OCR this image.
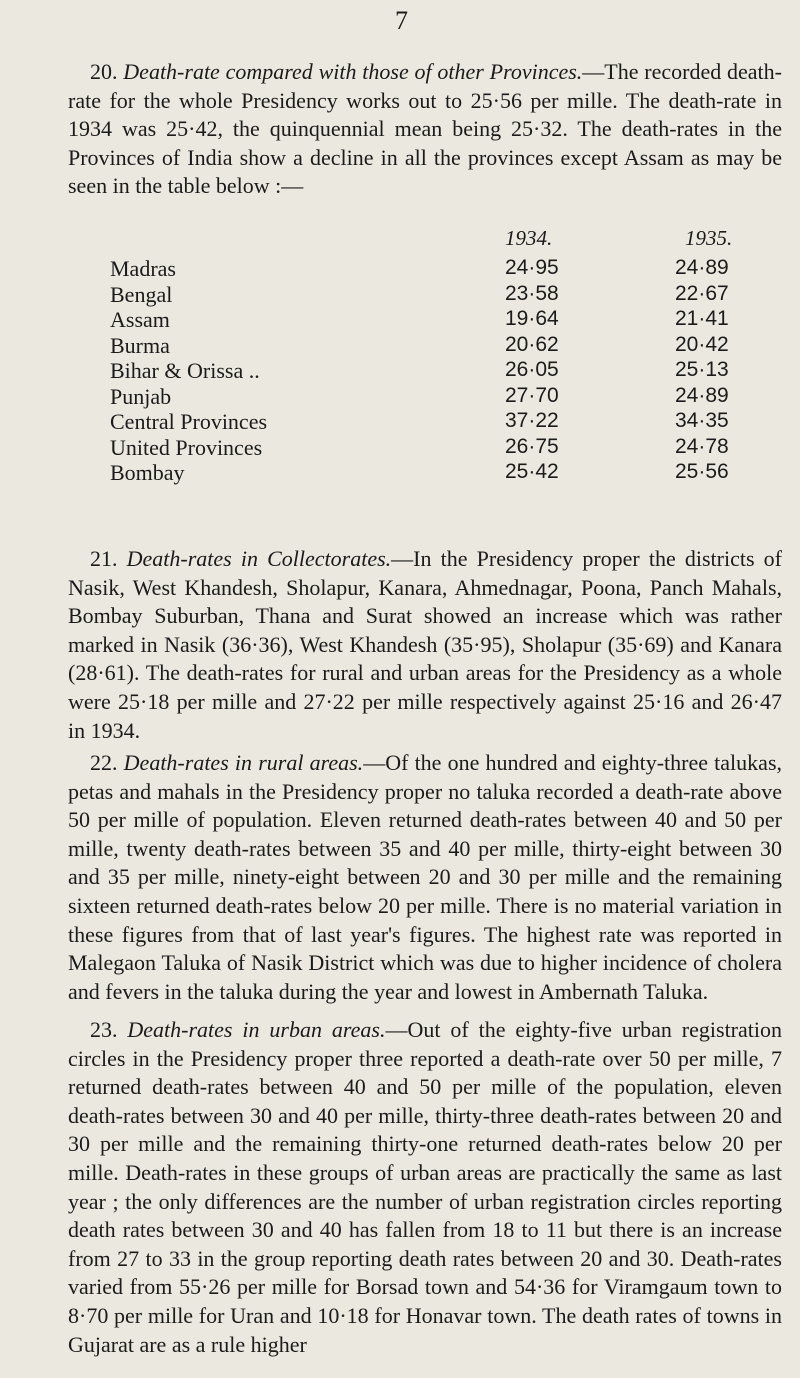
7

20. Death-rate compared with those of other Provinces.—The recorded death-rate for the whole Presidency works out to 25·56 per mille. The death-rate in 1934 was 25·42, the quinquennial mean being 25·32. The death-rates in the Provinces of India show a decline in all the provinces except Assam as may be seen in the table below :—

1934.	1935.
Madras	24·95	24·89
Bengal	23·58	22·67
Assam	19·64	21·41
Burma	20·62	20·42
Bihar & Orissa ..	26·05	25·13
Punjab	27·70	24·89
Central Provinces	37·22	34·35
United Provinces	26·75	24·78
Bombay	25·42	25·56

21. Death-rates in Collectorates.—In the Presidency proper the districts of Nasik, West Khandesh, Sholapur, Kanara, Ahmednagar, Poona, Panch Mahals, Bombay Suburban, Thana and Surat showed an increase which was rather marked in Nasik (36·36), West Khandesh (35·95), Sholapur (35·69) and Kanara (28·61). The death-rates for rural and urban areas for the Presidency as a whole were 25·18 per mille and 27·22 per mille respectively against 25·16 and 26·47 in 1934.

22. Death-rates in rural areas.—Of the one hundred and eighty-three talukas, petas and mahals in the Presidency proper no taluka recorded a death-rate above 50 per mille of population. Eleven returned death-rates between 40 and 50 per mille, twenty death-rates between 35 and 40 per mille, thirty-eight between 30 and 35 per mille, ninety-eight between 20 and 30 per mille and the remaining sixteen returned death-rates below 20 per mille. There is no material variation in these figures from that of last year's figures. The highest rate was reported in Malegaon Taluka of Nasik District which was due to higher incidence of cholera and fevers in the taluka during the year and lowest in Ambernath Taluka.

23. Death-rates in urban areas.—Out of the eighty-five urban registration circles in the Presidency proper three reported a death-rate over 50 per mille, 7 returned death-rates between 40 and 50 per mille of the population, eleven death-rates between 30 and 40 per mille, thirty-three death-rates between 20 and 30 per mille and the remaining thirty-one returned death-rates below 20 per mille. Death-rates in these groups of urban areas are practically the same as last year ; the only differences are the number of urban registration circles reporting death rates between 30 and 40 has fallen from 18 to 11 but there is an increase from 27 to 33 in the group reporting death rates between 20 and 30. Death-rates varied from 55·26 per mille for Borsad town and 54·36 for Viramgaum town to 8·70 per mille for Uran and 10·18 for Honavar town. The death rates of towns in Gujarat are as a rule higher
